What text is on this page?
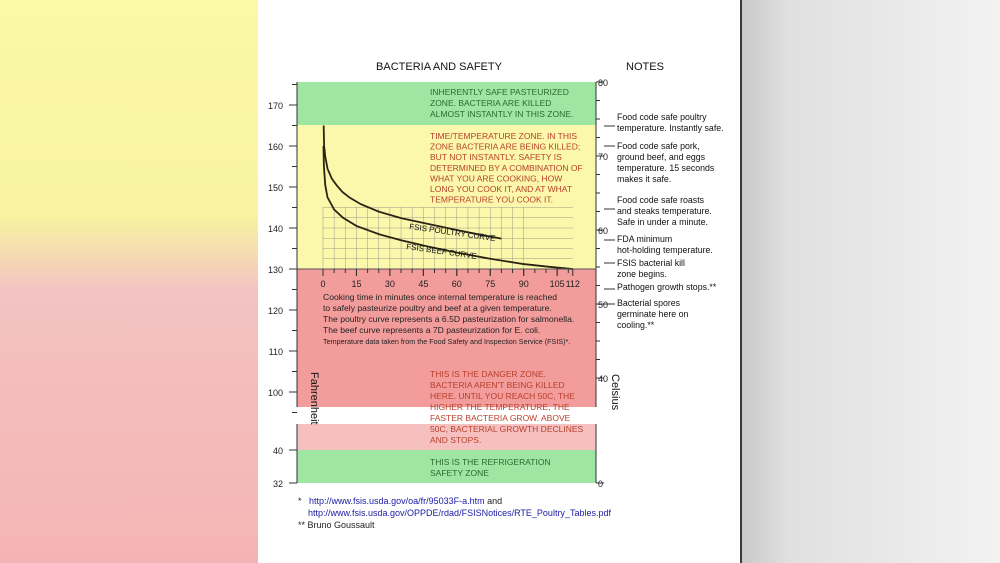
FSIS POULTRY CURVE
FSIS BEEF CURVE
170
160
150
140
130
120
110
100
40
32
80
70
60
50
40
0
0	15	30	45	60	75	90 105 112
BACTERIA AND SAFETY	NOTES
Fahrenheit	Celsius
INHERENTLY SAFE PASTEURIZED
ZONE. BACTERIA ARE KILLED
ALMOST INSTANTLY IN THIS ZONE.
TIME/TEMPERATURE ZONE. IN THIS
ZONE BACTERIA ARE BEING KILLED;
BUT NOT INSTANTLY. SAFETY IS
DETERMINED BY A COMBINATION OF
WHAT YOU ARE COOKING, HOW
LONG YOU COOK IT, AND AT WHAT
TEMPERATURE YOU COOK IT.
THIS IS THE DANGER ZONE.
BACTERIA AREN'T BEING KILLED
HERE. UNTIL YOU REACH 50C, THE
HIGHER THE TEMPERATURE, THE
FASTER BACTERIA GROW. ABOVE
50C, BACTERIAL GROWTH DECLINES
AND STOPS.
THIS IS THE REFRIGERATION
SAFETY ZONE
Cooking time in minutes once internal temperature is reached
to safely pasteurize poultry and beef at a given temperature.
The poultry curve represents a 6.5D pasteurization for salmonella.
The beef curve represents a 7D pasteurization for E. coli.
Temperature data taken from the Food Safety and Inspection Service (FSIS)*.
Food code safe poultry
temperature. Instantly safe.
Food code safe pork,
ground beef, and eggs
temperature. 15 seconds
makes it safe.
Food code safe roasts
and steaks temperature.
Safe in under a minute.
FDA minimum
hot-holding temperature.
FSIS bacterial kill
zone begins.
Pathogen growth stops.**
Bacterial spores
germinate here on
cooling.**
* http://www.fsis.usda.gov/oa/fr/95033F-a.htm and
http://www.fsis.usda.gov/OPPDE/rdad/FSISNotices/RTE_Poultry_Tables.pdf
** Bruno Goussault
